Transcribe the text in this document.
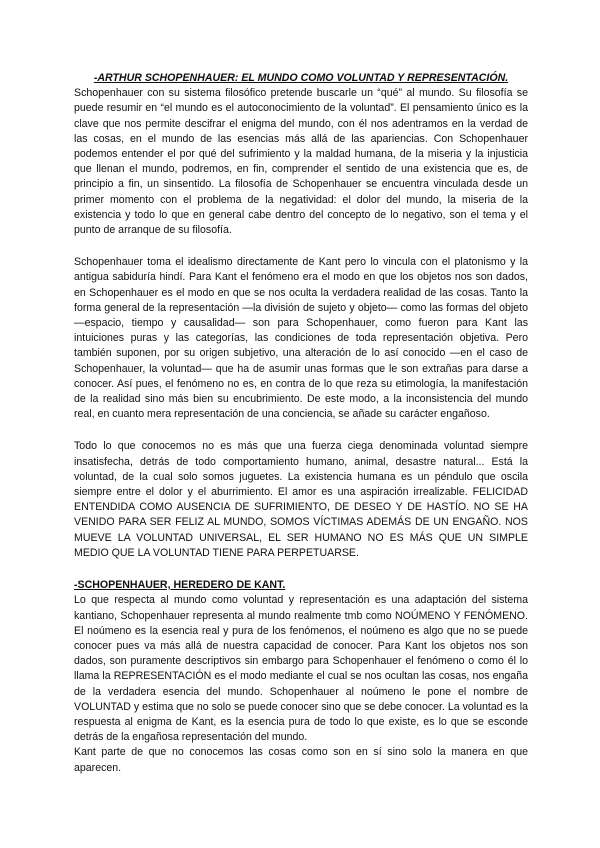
-ARTHUR SCHOPENHAUER: EL MUNDO COMO VOLUNTAD Y REPRESENTACIÓN.

Schopenhauer con su sistema filosófico pretende buscarle un “qué” al mundo. Su filosofía se puede resumir en “el mundo es el autoconocimiento de la voluntad”. El pensamiento único es la clave que nos permite descifrar el enigma del mundo, con él nos adentramos en la verdad de las cosas, en el mundo de las esencias más allá de las apariencias. Con Schopenhauer podemos entender el por qué del sufrimiento y la maldad humana, de la miseria y la injusticia que llenan el mundo, podremos, en fin, comprender el sentido de una existencia que es, de principio a fin, un sinsentido. La filosofía de Schopenhauer se encuentra vinculada desde un primer momento con el problema de la negatividad: el dolor del mundo, la miseria de la existencia y todo lo que en general cabe dentro del concepto de lo negativo, son el tema y el punto de arranque de su filosofía.

Schopenhauer toma el idealismo directamente de Kant pero lo vincula con el platonismo y la antigua sabiduría hindí. Para Kant el fenómeno era el modo en que los objetos nos son dados, en Schopenhauer es el modo en que se nos oculta la verdadera realidad de las cosas. Tanto la forma general de la representación —la división de sujeto y objeto— como las formas del objeto —espacio, tiempo y causalidad— son para Schopenhauer, como fueron para Kant las intuiciones puras y las categorías, las condiciones de toda representación objetiva. Pero también suponen, por su origen subjetivo, una alteración de lo así conocido —en el caso de Schopenhauer, la voluntad— que ha de asumir unas formas que le son extrañas para darse a conocer. Así pues, el fenómeno no es, en contra de lo que reza su etimología, la manifestación de la realidad sino más bien su encubrimiento. De este modo, a la inconsistencia del mundo real, en cuanto mera representación de una conciencia, se añade su carácter engañoso.

Todo lo que conocemos no es más que una fuerza ciega denominada voluntad siempre insatisfecha, detrás de todo comportamiento humano, animal, desastre natural... Está la voluntad, de la cual solo somos juguetes. La existencia humana es un péndulo que oscila siempre entre el dolor y el aburrimiento. El amor es una aspiración irrealizable. FELICIDAD ENTENDIDA COMO AUSENCIA DE SUFRIMIENTO, DE DESEO Y DE HASTÍO. NO SE HA VENIDO PARA SER FELIZ AL MUNDO, SOMOS VÍCTIMAS ADEMÁS DE UN ENGAÑO. NOS MUEVE LA VOLUNTAD UNIVERSAL, EL SER HUMANO NO ES MÁS QUE UN SIMPLE MEDIO QUE LA VOLUNTAD TIENE PARA PERPETUARSE.

-SCHOPENHAUER, HEREDERO DE KANT.

Lo que respecta al mundo como voluntad y representación es una adaptación del sistema kantiano, Schopenhauer representa al mundo realmente tmb como NOÚMENO Y FENÓMENO. El noúmeno es la esencia real y pura de los fenómenos, el noúmeno es algo que no se puede conocer pues va más allá de nuestra capacidad de conocer. Para Kant los objetos nos son dados, son puramente descriptivos sin embargo para Schopenhauer el fenómeno o como él lo llama la REPRESENTACIÓN es el modo mediante el cual se nos ocultan las cosas, nos engaña de la verdadera esencia del mundo. Schopenhauer al noúmeno le pone el nombre de VOLUNTAD y estima que no solo se puede conocer sino que se debe conocer. La voluntad es la respuesta al enigma de Kant, es la esencia pura de todo lo que existe, es lo que se esconde detrás de la engañosa representación del mundo.

Kant parte de que no conocemos las cosas como son en sí sino solo la manera en que aparecen.
